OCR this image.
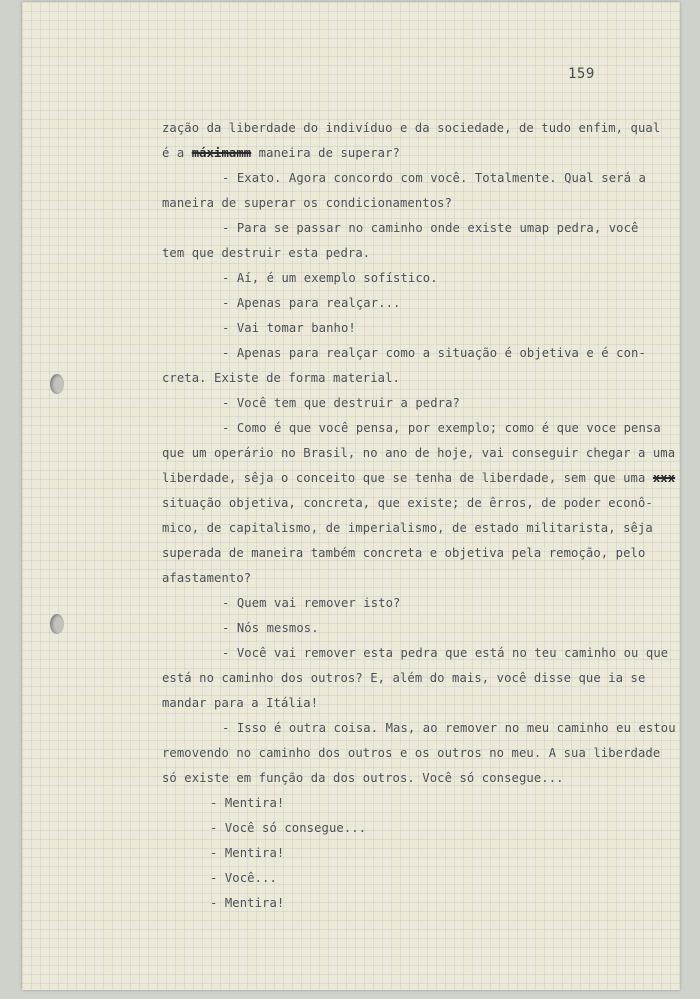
159
zação da liberdade do indivíduo e da sociedade, de tudo enfim, qual
é a máximamm maneira de superar?
- Exato. Agora concordo com você. Totalmente. Qual será a
maneira de superar os condicionamentos?
- Para se passar no caminho onde existe umap pedra, você
tem que destruir esta pedra.
- Aí, é um exemplo sofístico.
- Apenas para realçar...
- Vai tomar banho!
- Apenas para realçar como a situação é objetiva e é con-
creta. Existe de forma material.
- Você tem que destruir a pedra?
- Como é que você pensa, por exemplo; como é que voce pensa
que um operário no Brasil, no ano de hoje, vai conseguir chegar a uma
liberdade, sêja o conceito que se tenha de liberdade, sem que uma xxx
situação objetiva, concreta, que existe; de êrros, de poder econô-
mico, de capitalismo, de imperialismo, de estado militarista, sêja
superada de maneira também concreta e objetiva pela remoção, pelo
afastamento?
- Quem vai remover isto?
- Nós mesmos.
- Você vai remover esta pedra que está no teu caminho ou que
está no caminho dos outros? E, além do mais, você disse que ia se
mandar para a Itália!
- Isso é outra coisa. Mas, ao remover no meu caminho eu estou
removendo no caminho dos outros e os outros no meu. A sua liberdade
só existe em função da dos outros. Você só consegue...
- Mentira!
- Você só consegue...
- Mentira!
- Você...
- Mentira!
